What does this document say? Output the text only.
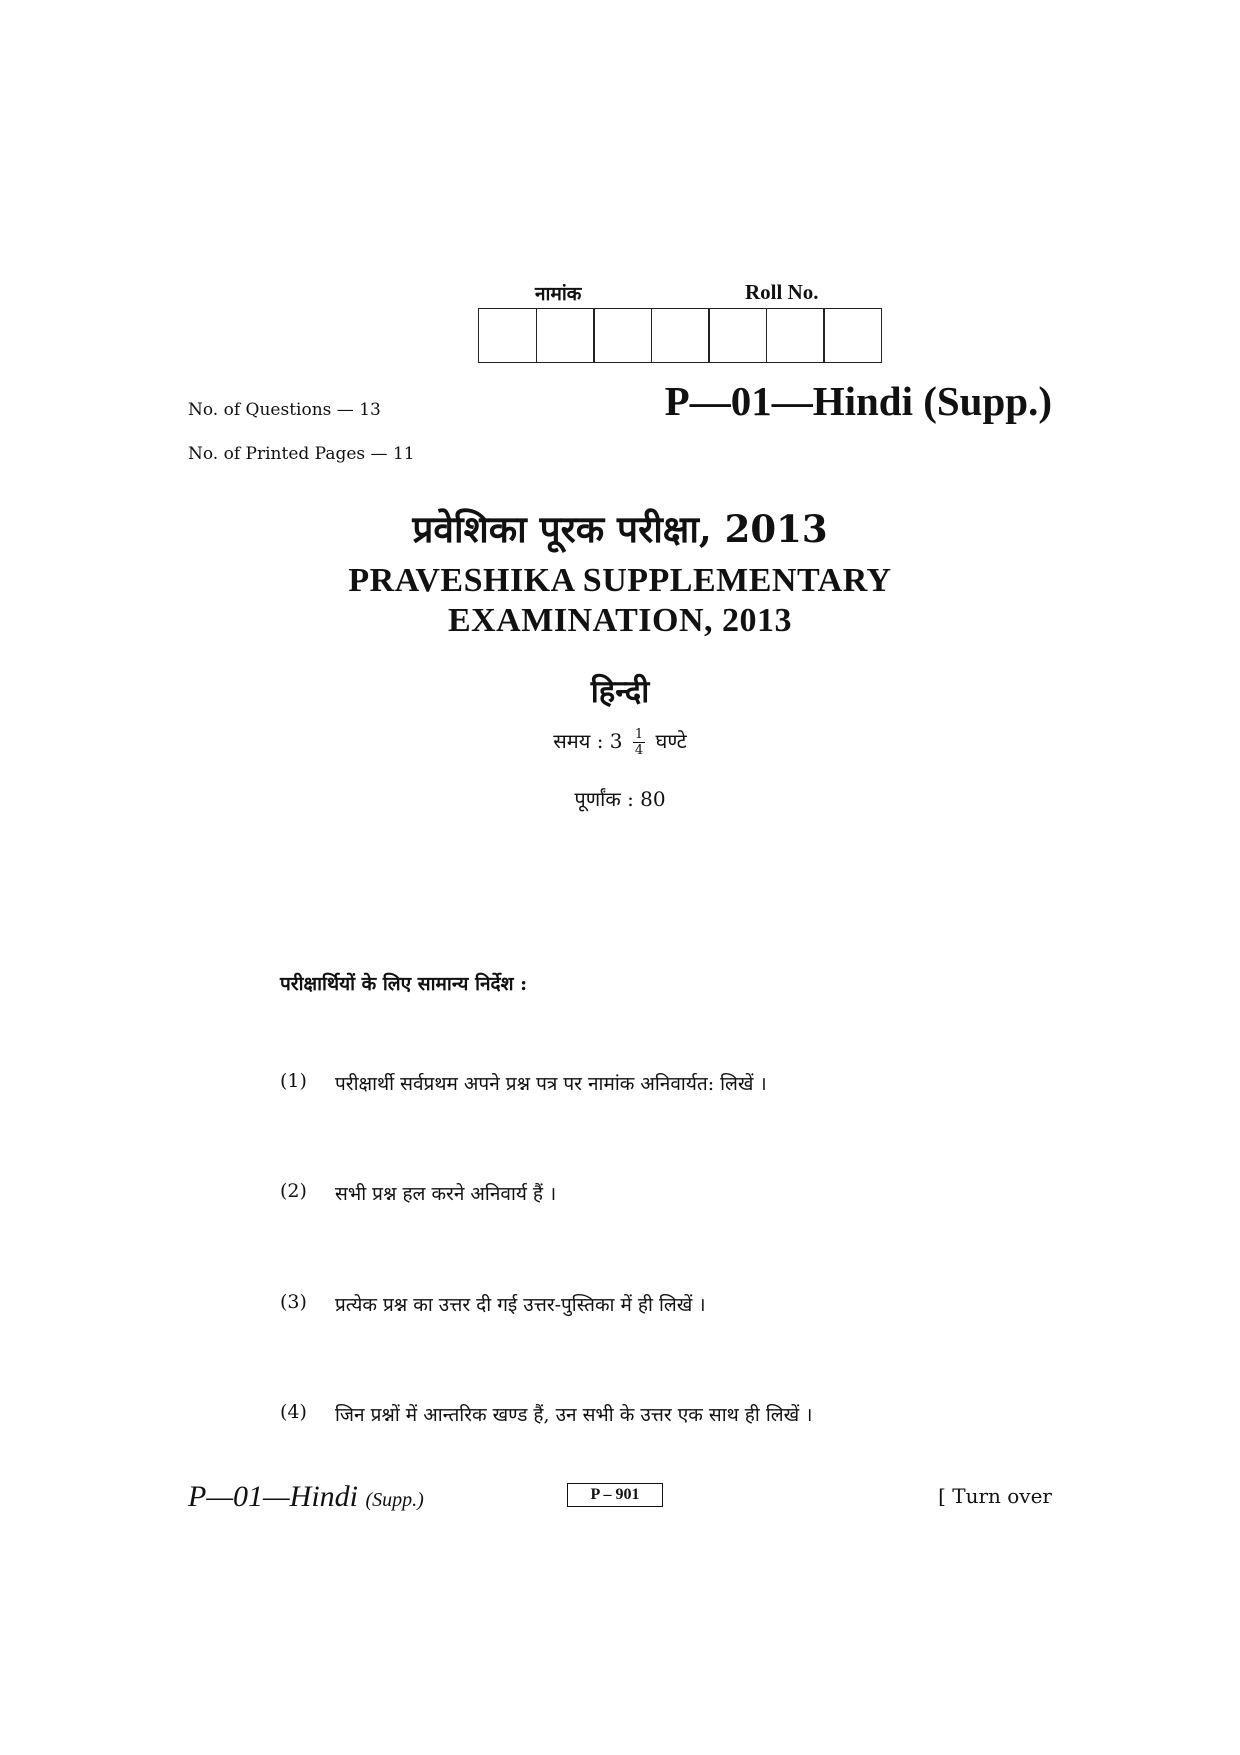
नामांक	Roll No.
No. of Questions — 13
No. of Printed Pages — 11
P—01—Hindi (Supp.)
प्रवेशिका पूरक परीक्षा, 2013
PRAVESHIKA SUPPLEMENTARY
EXAMINATION, 2013
हिन्दी
समय : $3 \frac{1}{4}$ घण्टे
पूर्णांक : 80
परीक्षार्थियों के लिए सामान्य निर्देश :
(1)	परीक्षार्थी सर्वप्रथम अपने प्रश्न पत्र पर नामांक अनिवार्यत: लिखें ।
(2)	सभी प्रश्न हल करने अनिवार्य हैं ।
(3)	प्रत्येक प्रश्न का उत्तर दी गई उत्तर-पुस्तिका में ही लिखें ।
(4)	जिन प्रश्नों में आन्तरिक खण्ड हैं, उन सभी के उत्तर एक साथ ही लिखें ।
P—01—Hindi (Supp.)	P – 901	[ Turn over
